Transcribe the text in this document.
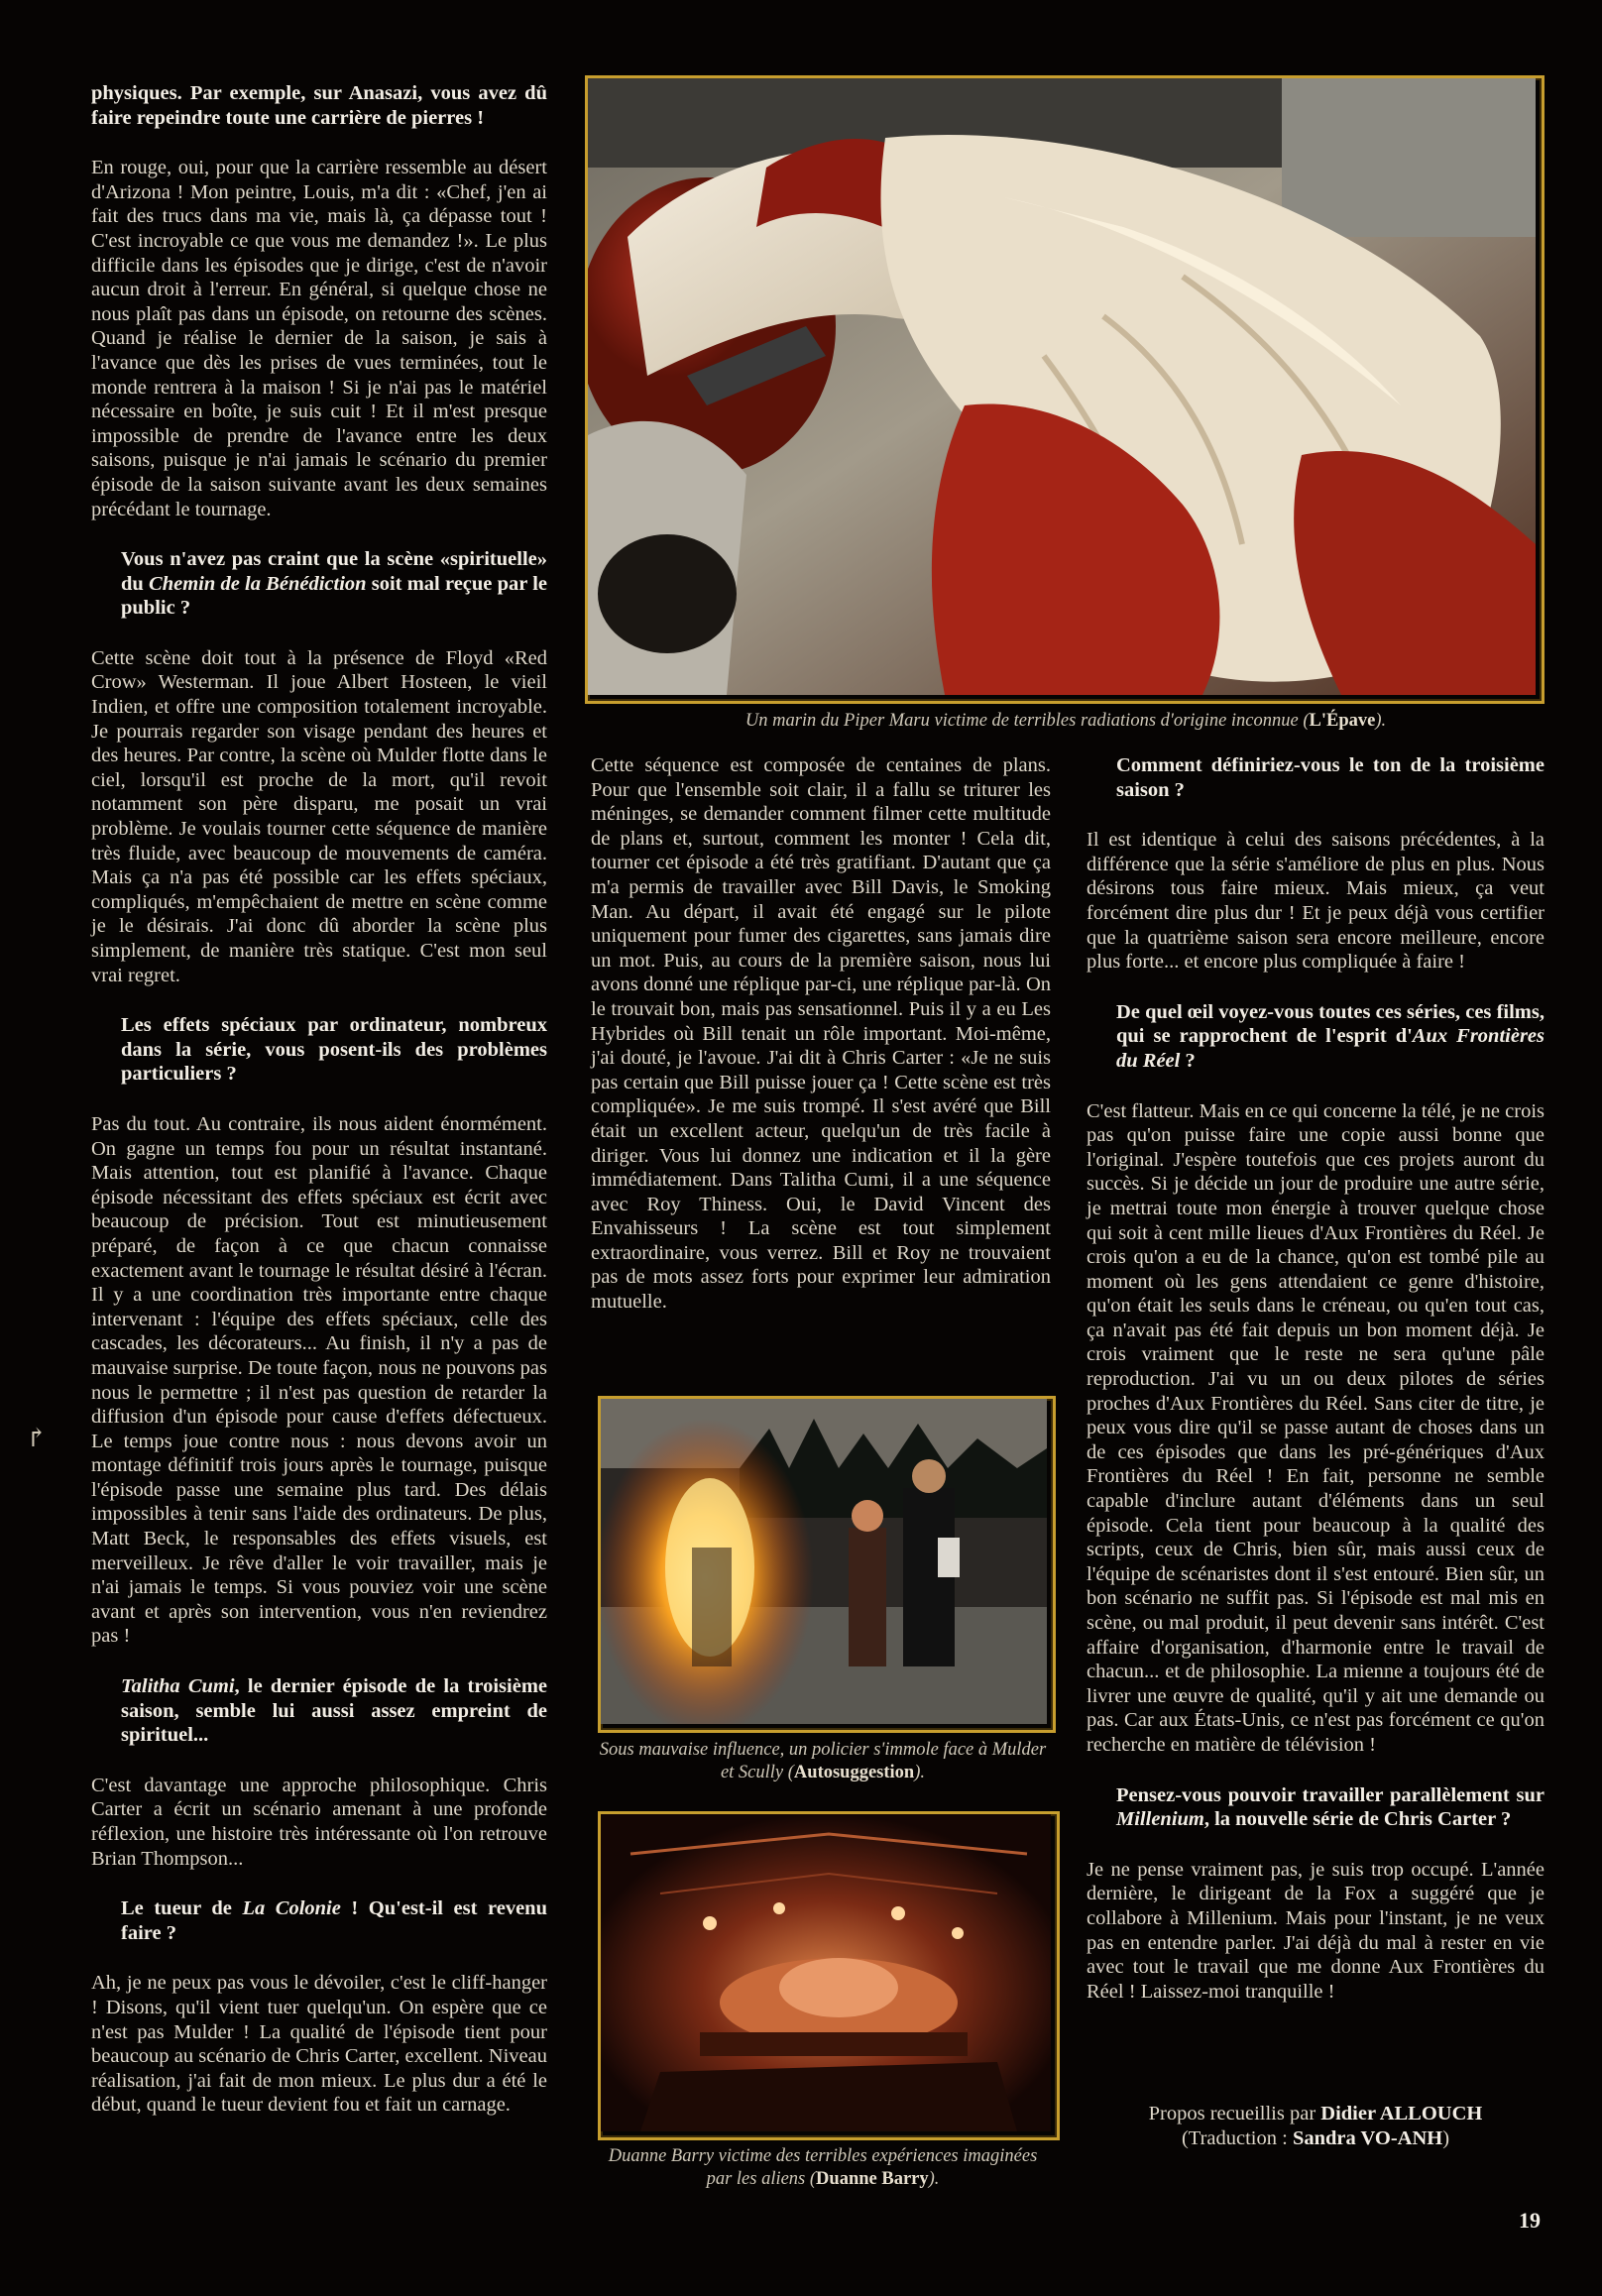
physiques. Par exemple, sur Anasazi, vous avez dû faire repeindre toute une carrière de pierres !

En rouge, oui, pour que la carrière ressemble au désert d'Arizona ! Mon peintre, Louis, m'a dit : «Chef, j'en ai fait des trucs dans ma vie, mais là, ça dépasse tout ! C'est incroyable ce que vous me demandez !». Le plus difficile dans les épisodes que je dirige, c'est de n'avoir aucun droit à l'erreur. En général, si quelque chose ne nous plaît pas dans un épisode, on retourne des scènes. Quand je réalise le dernier de la saison, je sais à l'avance que dès les prises de vues terminées, tout le monde rentrera à la maison ! Si je n'ai pas le matériel nécessaire en boîte, je suis cuit ! Et il m'est presque impossible de prendre de l'avance entre les deux saisons, puisque je n'ai jamais le scénario du premier épisode de la saison suivante avant les deux semaines précédant le tournage.

Vous n'avez pas craint que la scène «spirituelle» du Chemin de la Bénédiction soit mal reçue par le public ?

Cette scène doit tout à la présence de Floyd «Red Crow» Westerman. Il joue Albert Hosteen, le vieil Indien, et offre une composition totalement incroyable. Je pourrais regarder son visage pendant des heures et des heures. Par contre, la scène où Mulder flotte dans le ciel, lorsqu'il est proche de la mort, qu'il revoit notamment son père disparu, me posait un vrai problème. Je voulais tourner cette séquence de manière très fluide, avec beaucoup de mouvements de caméra. Mais ça n'a pas été possible car les effets spéciaux, compliqués, m'empêchaient de mettre en scène comme je le désirais. J'ai donc dû aborder la scène plus simplement, de manière très statique. C'est mon seul vrai regret.

Les effets spéciaux par ordinateur, nombreux dans la série, vous posent-ils des problèmes particuliers ?

Pas du tout. Au contraire, ils nous aident énormément. On gagne un temps fou pour un résultat instantané. Mais attention, tout est planifié à l'avance. Chaque épisode nécessitant des effets spéciaux est écrit avec beaucoup de précision. Tout est minutieusement préparé, de façon à ce que chacun connaisse exactement avant le tournage le résultat désiré à l'écran. Il y a une coordination très importante entre chaque intervenant : l'équipe des effets spéciaux, celle des cascades, les décorateurs... Au finish, il n'y a pas de mauvaise surprise. De toute façon, nous ne pouvons pas nous le permettre ; il n'est pas question de retarder la diffusion d'un épisode pour cause d'effets défectueux. Le temps joue contre nous : nous devons avoir un montage définitif trois jours après le tournage, puisque l'épisode passe une semaine plus tard. Des délais impossibles à tenir sans l'aide des ordinateurs. De plus, Matt Beck, le responsables des effets visuels, est merveilleux. Je rêve d'aller le voir travailler, mais je n'ai jamais le temps. Si vous pouviez voir une scène avant et après son intervention, vous n'en reviendrez pas !

Talitha Cumi, le dernier épisode de la troisième saison, semble lui aussi assez empreint de spirituel...

C'est davantage une approche philosophique. Chris Carter a écrit un scénario amenant à une profonde réflexion, une histoire très intéressante où l'on retrouve Brian Thompson...

Le tueur de La Colonie ! Qu'est-il est revenu faire ?

Ah, je ne peux pas vous le dévoiler, c'est le cliff-hanger ! Disons, qu'il vient tuer quelqu'un. On espère que ce n'est pas Mulder ! La qualité de l'épisode tient pour beaucoup au scénario de Chris Carter, excellent. Niveau réalisation, j'ai fait de mon mieux. Le plus dur a été le début, quand le tueur devient fou et fait un carnage.

Un marin du Piper Maru victime de terribles radiations d'origine inconnue (L'Épave).

Cette séquence est composée de centaines de plans. Pour que l'ensemble soit clair, il a fallu se triturer les méninges, se demander comment filmer cette multitude de plans et, surtout, comment les monter ! Cela dit, tourner cet épisode a été très gratifiant. D'autant que ça m'a permis de travailler avec Bill Davis, le Smoking Man. Au départ, il avait été engagé sur le pilote uniquement pour fumer des cigarettes, sans jamais dire un mot. Puis, au cours de la première saison, nous lui avons donné une réplique par-ci, une réplique par-là. On le trouvait bon, mais pas sensationnel. Puis il y a eu Les Hybrides où Bill tenait un rôle important. Moi-même, j'ai douté, je l'avoue. J'ai dit à Chris Carter : «Je ne suis pas certain que Bill puisse jouer ça ! Cette scène est très compliquée». Je me suis trompé. Il s'est avéré que Bill était un excellent acteur, quelqu'un de très facile à diriger. Vous lui donnez une indication et il la gère immédiatement. Dans Talitha Cumi, il a une séquence avec Roy Thiness. Oui, le David Vincent des Envahisseurs ! La scène est tout simplement extraordinaire, vous verrez. Bill et Roy ne trouvaient pas de mots assez forts pour exprimer leur admiration mutuelle.

Sous mauvaise influence, un policier s'immole face à Mulder et Scully (Autosuggestion).
Duanne Barry victime des terribles expériences imaginées par les aliens (Duanne Barry).

Comment définiriez-vous le ton de la troisième saison ?

Il est identique à celui des saisons précédentes, à la différence que la série s'améliore de plus en plus. Nous désirons tous faire mieux. Mais mieux, ça veut forcément dire plus dur ! Et je peux déjà vous certifier que la quatrième saison sera encore meilleure, encore plus forte... et encore plus compliquée à faire !

De quel œil voyez-vous toutes ces séries, ces films, qui se rapprochent de l'esprit d'Aux Frontières du Réel ?

C'est flatteur. Mais en ce qui concerne la télé, je ne crois pas qu'on puisse faire une copie aussi bonne que l'original. J'espère toutefois que ces projets auront du succès. Si je décide un jour de produire une autre série, je mettrai toute mon énergie à trouver quelque chose qui soit à cent mille lieues d'Aux Frontières du Réel. Je crois qu'on a eu de la chance, qu'on est tombé pile au moment où les gens attendaient ce genre d'histoire, qu'on était les seuls dans le créneau, ou qu'en tout cas, ça n'avait pas été fait depuis un bon moment déjà. Je crois vraiment que le reste ne sera qu'une pâle reproduction. J'ai vu un ou deux pilotes de séries proches d'Aux Frontières du Réel. Sans citer de titre, je peux vous dire qu'il se passe autant de choses dans un de ces épisodes que dans les pré-génériques d'Aux Frontières du Réel ! En fait, personne ne semble capable d'inclure autant d'éléments dans un seul épisode. Cela tient pour beaucoup à la qualité des scripts, ceux de Chris, bien sûr, mais aussi ceux de l'équipe de scénaristes dont il s'est entouré. Bien sûr, un bon scénario ne suffit pas. Si l'épisode est mal mis en scène, ou mal produit, il peut devenir sans intérêt. C'est affaire d'organisation, d'harmonie entre le travail de chacun... et de philosophie. La mienne a toujours été de livrer une œuvre de qualité, qu'il y ait une demande ou pas. Car aux États-Unis, ce n'est pas forcément ce qu'on recherche en matière de télévision !

Pensez-vous pouvoir travailler parallèlement sur Millenium, la nouvelle série de Chris Carter ?

Je ne pense vraiment pas, je suis trop occupé. L'année dernière, le dirigeant de la Fox a suggéré que je collabore à Millenium. Mais pour l'instant, je ne veux pas en entendre parler. J'ai déjà du mal à rester en vie avec tout le travail que me donne Aux Frontières du Réel ! Laissez-moi tranquille !

Propos recueillis par Didier ALLOUCH
(Traduction : Sandra VO-ANH)
↱
19
